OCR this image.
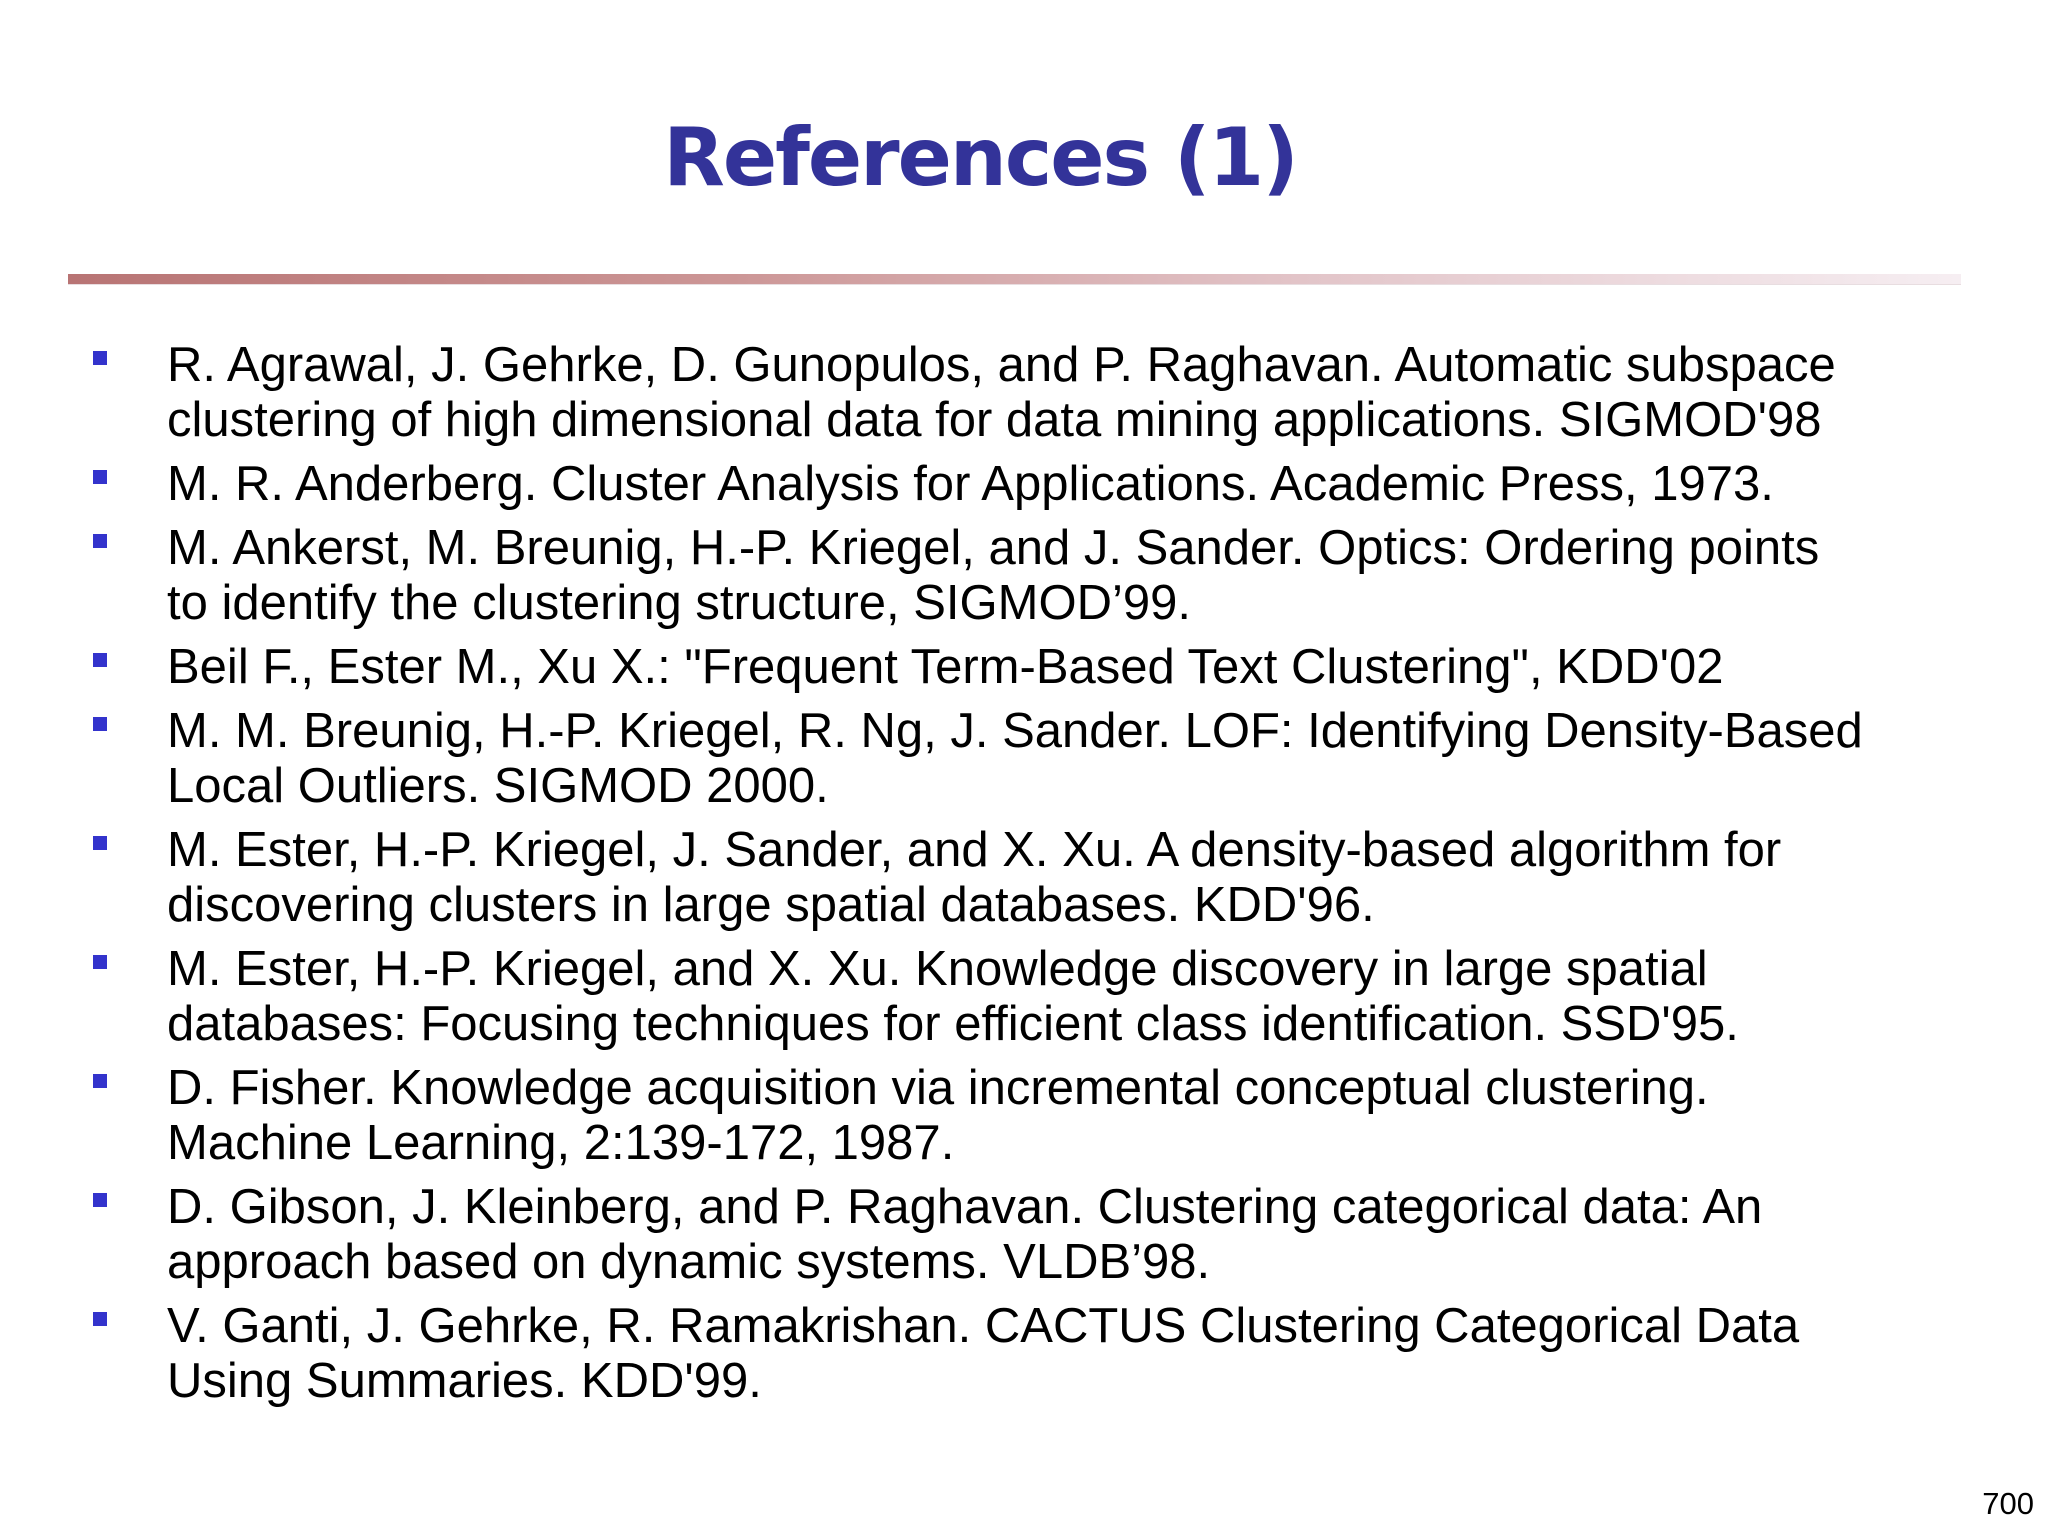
References (1)
R. Agrawal, J. Gehrke, D. Gunopulos, and P. Raghavan. Automatic subspace
clustering of high dimensional data for data mining applications. SIGMOD'98
M. R. Anderberg. Cluster Analysis for Applications. Academic Press, 1973.
M. Ankerst, M. Breunig, H.-P. Kriegel, and J. Sander. Optics: Ordering points
to identify the clustering structure, SIGMOD’99.
Beil F., Ester M., Xu X.: "Frequent Term-Based Text Clustering", KDD'02
M. M. Breunig, H.-P. Kriegel, R. Ng, J. Sander. LOF: Identifying Density-Based
Local Outliers. SIGMOD 2000.
M. Ester, H.-P. Kriegel, J. Sander, and X. Xu. A density-based algorithm for
discovering clusters in large spatial databases. KDD'96.
M. Ester, H.-P. Kriegel, and X. Xu. Knowledge discovery in large spatial
databases: Focusing techniques for efficient class identification. SSD'95.
D. Fisher. Knowledge acquisition via incremental conceptual clustering.
Machine Learning, 2:139-172, 1987.
D. Gibson, J. Kleinberg, and P. Raghavan. Clustering categorical data: An
approach based on dynamic systems. VLDB’98.
V. Ganti, J. Gehrke, R. Ramakrishan. CACTUS Clustering Categorical Data
Using Summaries. KDD'99.
700
